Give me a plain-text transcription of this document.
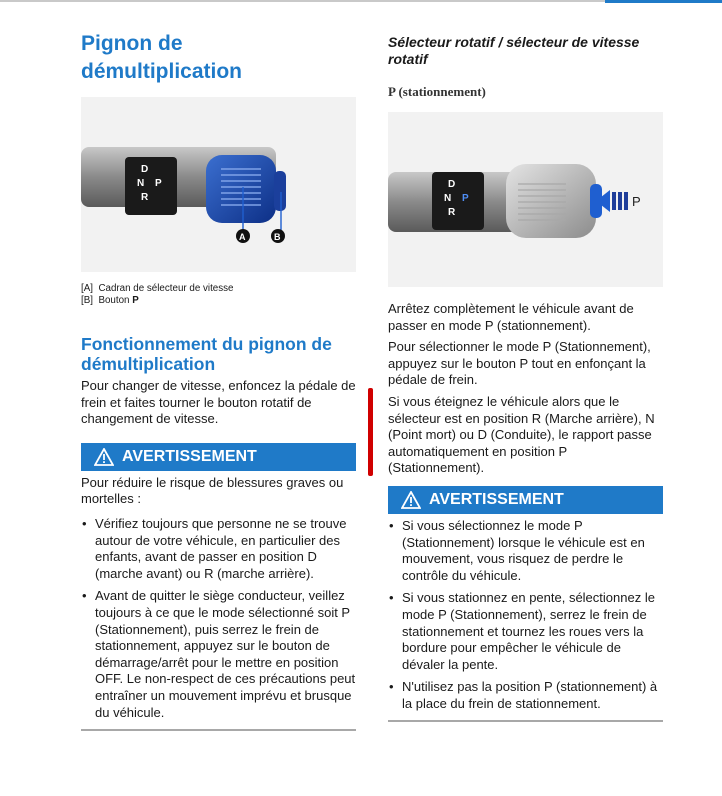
Pignon de
démultiplication
D
N
R
P
A	B
[A] Cadran de sélecteur de vitesse
[B] Bouton P
Fonctionnement du pignon de
démultiplication

Pour changer de vitesse, enfoncez la pédale de frein et faites tourner le bouton rotatif de changement de vitesse.

AVERTISSEMENT

Pour réduire le risque de blessures graves ou mortelles :

• Vérifiez toujours que personne ne se trouve autour de votre véhicule, en particulier des enfants, avant de passer en position D (marche avant) ou R (marche arrière).
• Avant de quitter le siège conducteur, veillez toujours à ce que le mode sélectionné soit P (Stationnement), puis serrez le frein de stationnement, appuyez sur le bouton de démarrage/arrêt pour le mettre en position OFF. Le non-respect de ces précautions peut entraîner un mouvement imprévu et brusque du véhicule.

Sélecteur rotatif / sélecteur de vitesse rotatif

P (stationnement)
D
N
R
P	P

Arrêtez complètement le véhicule avant de passer en mode P (stationnement).

Pour sélectionner le mode P (Stationnement), appuyez sur le bouton P tout en enfonçant la pédale de frein.

Si vous éteignez le véhicule alors que le sélecteur est en position R (Marche arrière), N (Point mort) ou D (Conduite), le rapport passe automatiquement en position P (Stationnement).

AVERTISSEMENT
• Si vous sélectionnez le mode P (Stationnement) lorsque le véhicule est en mouvement, vous risquez de perdre le contrôle du véhicule.
• Si vous stationnez en pente, sélectionnez le mode P (Stationnement), serrez le frein de stationnement et tournez les roues vers la bordure pour empêcher le véhicule de dévaler la pente.
• N'utilisez pas la position P (stationnement) à la place du frein de stationnement.
